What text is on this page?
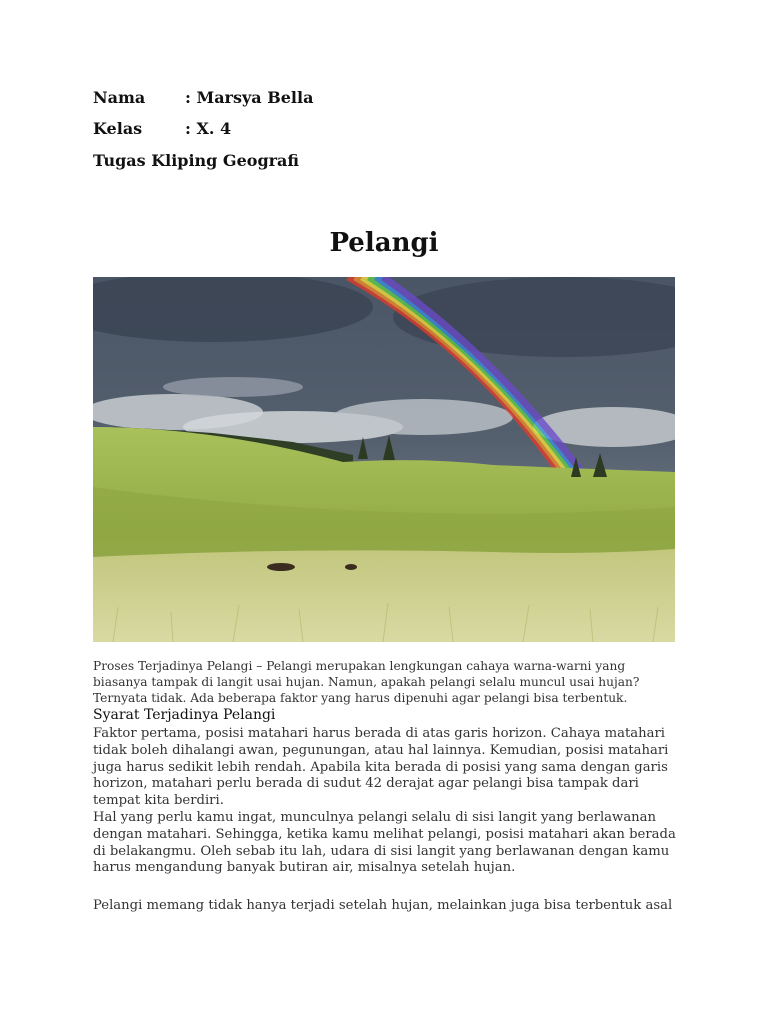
Nama : Marsya Bella
Kelas	: X. 4
Tugas Kliping Geografi
Pelangi
Proses Terjadinya Pelangi – Pelangi merupakan lengkungan cahaya warna-warni yang biasanya tampak di langit usai hujan. Namun, apakah pelangi selalu muncul usai hujan? Ternyata tidak. Ada beberapa faktor yang harus dipenuhi agar pelangi bisa terbentuk.
Syarat Terjadinya Pelangi

Faktor pertama, posisi matahari harus berada di atas garis horizon. Cahaya matahari tidak boleh dihalangi awan, pegunungan, atau hal lainnya. Kemudian, posisi matahari juga harus sedikit lebih rendah. Apabila kita berada di posisi yang sama dengan garis horizon, matahari perlu berada di sudut 42 derajat agar pelangi bisa tampak dari tempat kita berdiri.

Hal yang perlu kamu ingat, munculnya pelangi selalu di sisi langit yang berlawanan dengan matahari. Sehingga, ketika kamu melihat pelangi, posisi matahari akan berada di belakangmu. Oleh sebab itu lah, udara di sisi langit yang berlawanan dengan kamu harus mengandung banyak butiran air, misalnya setelah hujan.

Pelangi memang tidak hanya terjadi setelah hujan, melainkan juga bisa terbentuk asal
